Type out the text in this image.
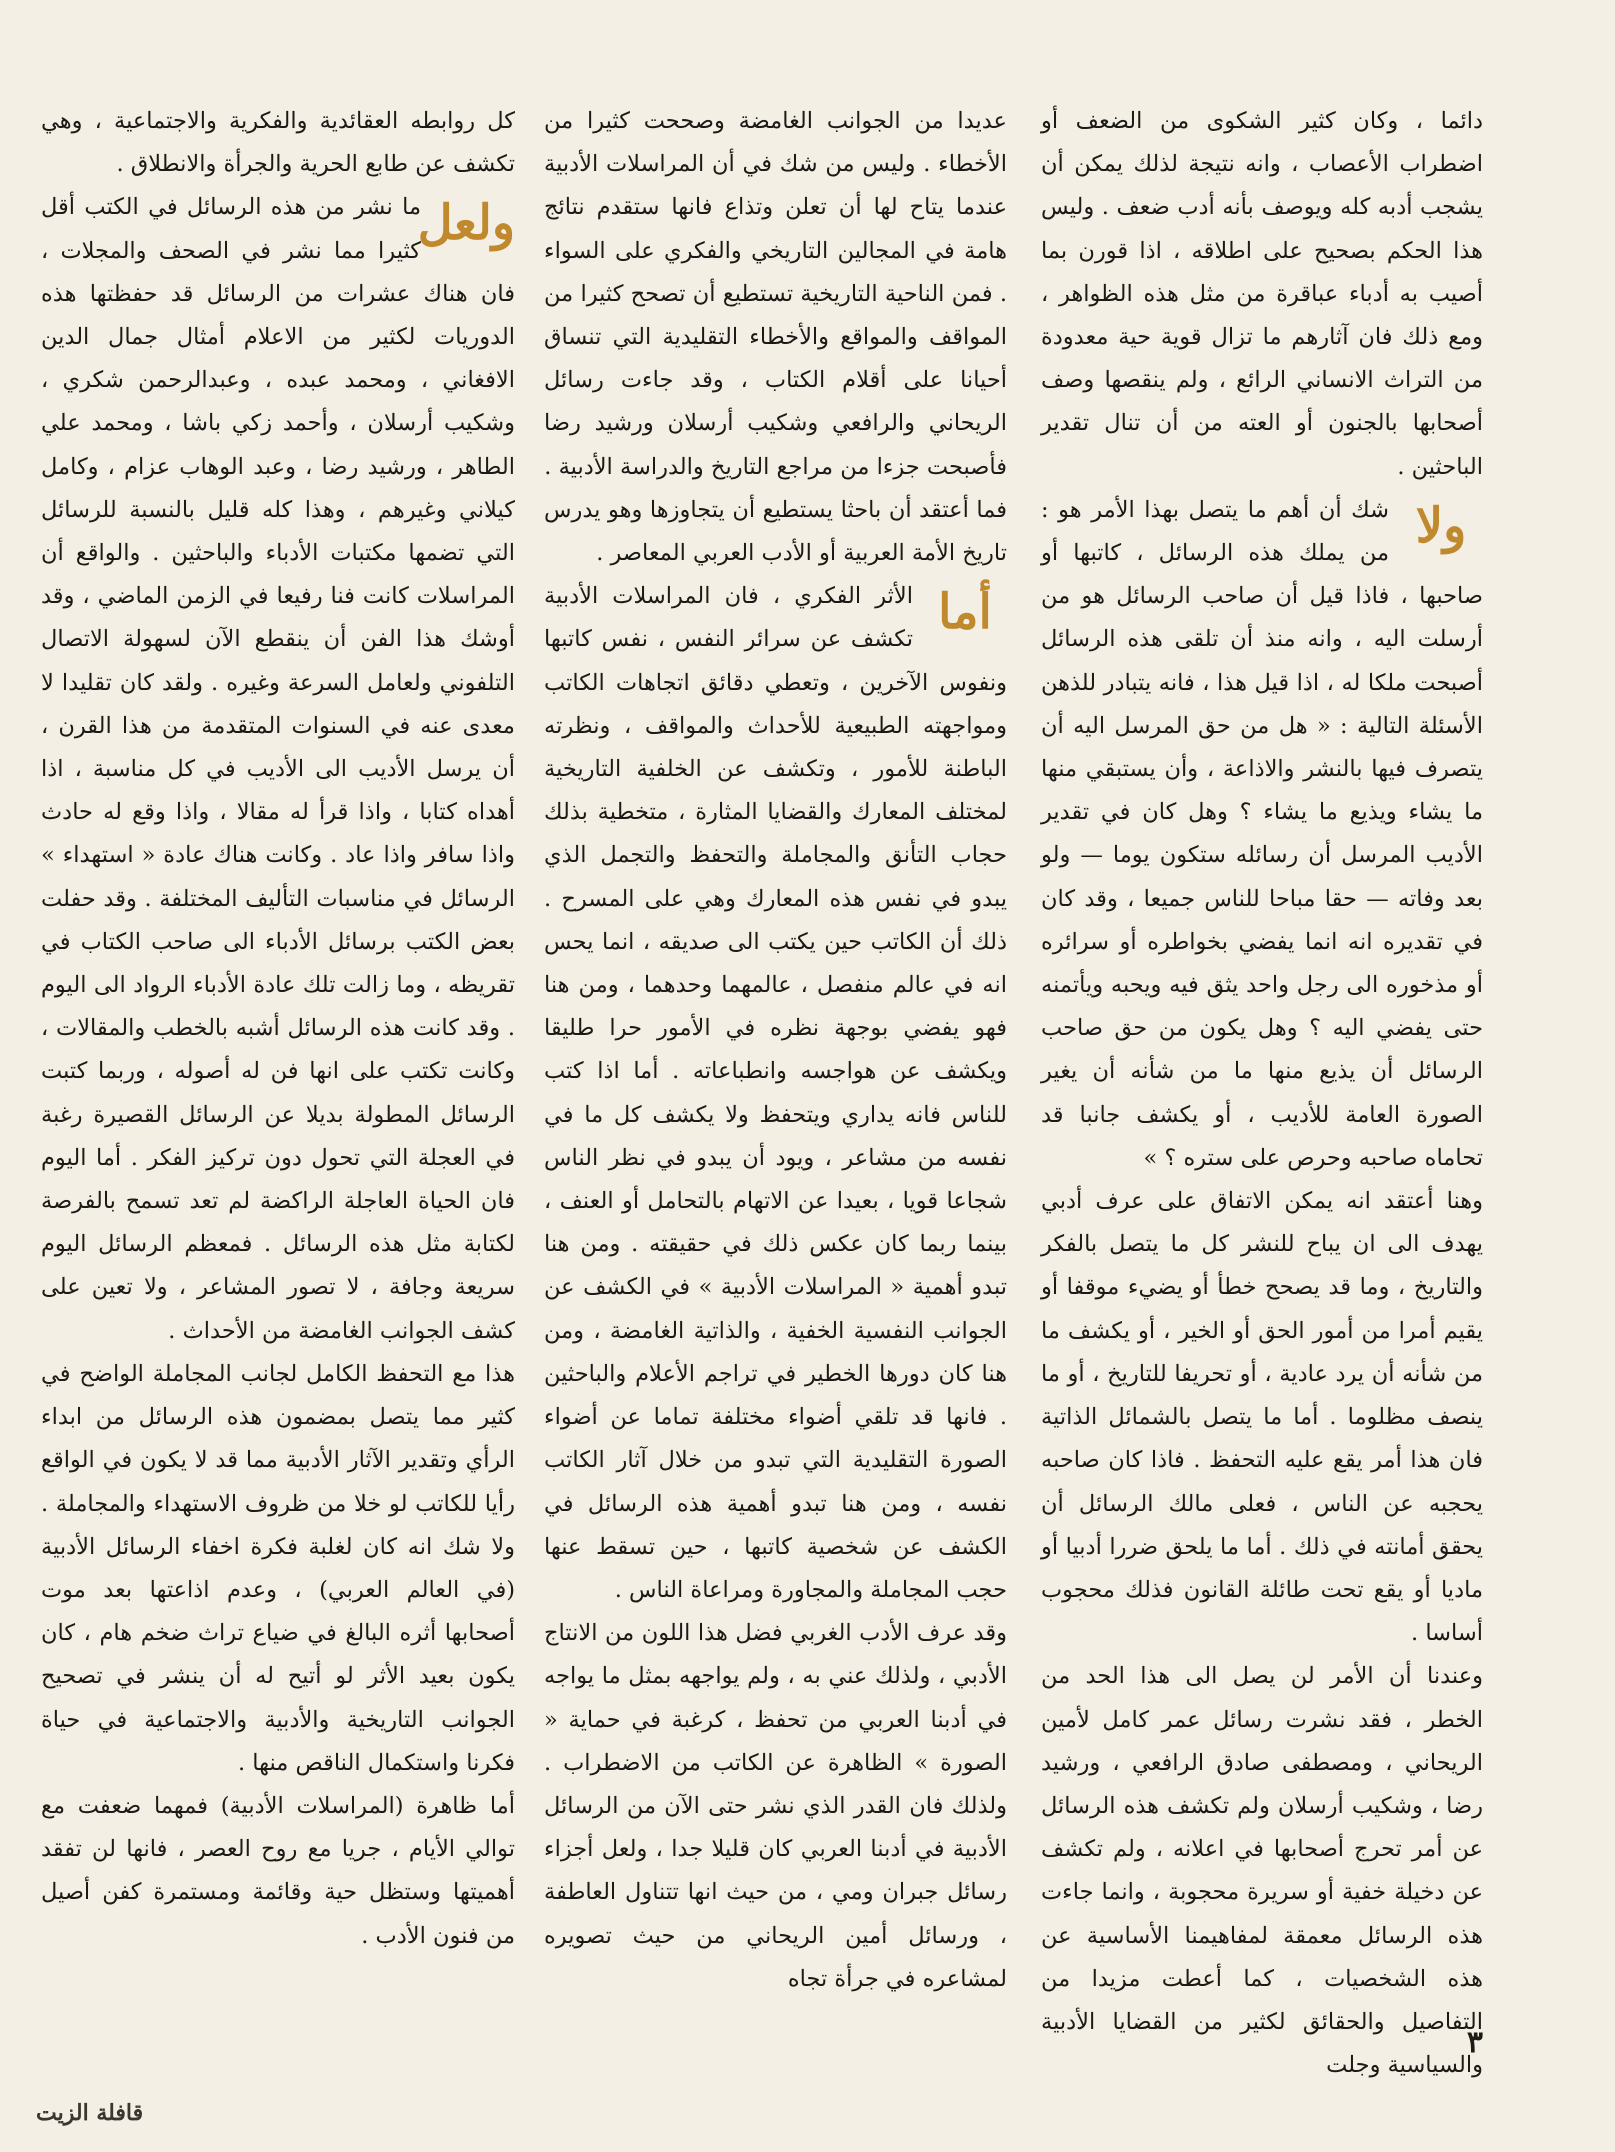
دائما ، وكان كثير الشكوى من الضعف أو اضطراب الأعصاب ، وانه نتيجة لذلك يمكن أن يشجب أدبه كله ويوصف بأنه أدب ضعف . وليس هذا الحكم بصحيح على اطلاقه ، اذا قورن بما أصيب به أدباء عباقرة من مثل هذه الظواهر ، ومع ذلك فان آثارهم ما تزال قوية حية معدودة من التراث الانساني الرائع ، ولم ينقصها وصف أصحابها بالجنون أو العته من أن تنال تقدير الباحثين .

ولا

شك أن أهم ما يتصل بهذا الأمر هو : من يملك هذه الرسائل ، كاتبها أو صاحبها ، فاذا قيل أن صاحب الرسائل هو من أرسلت اليه ، وانه منذ أن تلقى هذه الرسائل أصبحت ملكا له ، اذا قيل هذا ، فانه يتبادر للذهن الأسئلة التالية : « هل من حق المرسل اليه أن يتصرف فيها بالنشر والاذاعة ، وأن يستبقي منها ما يشاء ويذيع ما يشاء ؟ وهل كان في تقدير الأديب المرسل أن رسائله ستكون يوما — ولو بعد وفاته — حقا مباحا للناس جميعا ، وقد كان في تقديره انه انما يفضي بخواطره أو سرائره أو مذخوره الى رجل واحد يثق فيه ويحبه ويأتمنه حتى يفضي اليه ؟ وهل يكون من حق صاحب الرسائل أن يذيع منها ما من شأنه أن يغير الصورة العامة للأديب ، أو يكشف جانبا قد تحاماه صاحبه وحرص على ستره ؟ »

وهنا أعتقد انه يمكن الاتفاق على عرف أدبي يهدف الى ان يباح للنشر كل ما يتصل بالفكر والتاريخ ، وما قد يصحح خطأ أو يضيء موقفا أو يقيم أمرا من أمور الحق أو الخير ، أو يكشف ما من شأنه أن يرد عادية ، أو تحريفا للتاريخ ، أو ما ينصف مظلوما . أما ما يتصل بالشمائل الذاتية فان هذا أمر يقع عليه التحفظ . فاذا كان صاحبه يحجبه عن الناس ، فعلى مالك الرسائل أن يحقق أمانته في ذلك . أما ما يلحق ضررا أدبيا أو ماديا أو يقع تحت طائلة القانون فذلك محجوب أساسا .

وعندنا أن الأمر لن يصل الى هذا الحد من الخطر ، فقد نشرت رسائل عمر كامل لأمين الريحاني ، ومصطفى صادق الرافعي ، ورشيد رضا ، وشكيب أرسلان ولم تكشف هذه الرسائل عن أمر تحرج أصحابها في اعلانه ، ولم تكشف عن دخيلة خفية أو سريرة محجوبة ، وانما جاءت هذه الرسائل معمقة لمفاهيمنا الأساسية عن هذه الشخصيات ، كما أعطت مزيدا من التفاصيل والحقائق لكثير من القضايا الأدبية والسياسية وجلت

عديدا من الجوانب الغامضة وصححت كثيرا من الأخطاء . وليس من شك في أن المراسلات الأدبية عندما يتاح لها أن تعلن وتذاع فانها ستقدم نتائج هامة في المجالين التاريخي والفكري على السواء . فمن الناحية التاريخية تستطيع أن تصحح كثيرا من المواقف والمواقع والأخطاء التقليدية التي تنساق أحيانا على أقلام الكتاب ، وقد جاءت رسائل الريحاني والرافعي وشكيب أرسلان ورشيد رضا فأصبحت جزءا من مراجع التاريخ والدراسة الأدبية .

فما أعتقد أن باحثا يستطيع أن يتجاوزها وهو يدرس تاريخ الأمة العربية أو الأدب العربي المعاصر .

أما

الأثر الفكري ، فان المراسلات الأدبية تكشف عن سرائر النفس ، نفس كاتبها ونفوس الآخرين ، وتعطي دقائق اتجاهات الكاتب ومواجهته الطبيعية للأحداث والمواقف ، ونظرته الباطنة للأمور ، وتكشف عن الخلفية التاريخية لمختلف المعارك والقضايا المثارة ، متخطية بذلك حجاب التأنق والمجاملة والتحفظ والتجمل الذي يبدو في نفس هذه المعارك وهي على المسرح . ذلك أن الكاتب حين يكتب الى صديقه ، انما يحس انه في عالم منفصل ، عالمهما وحدهما ، ومن هنا فهو يفضي بوجهة نظره في الأمور حرا طليقا ويكشف عن هواجسه وانطباعاته . أما اذا كتب للناس فانه يداري ويتحفظ ولا يكشف كل ما في نفسه من مشاعر ، ويود أن يبدو في نظر الناس شجاعا قويا ، بعيدا عن الاتهام بالتحامل أو العنف ، بينما ربما كان عكس ذلك في حقيقته . ومن هنا تبدو أهمية « المراسلات الأدبية » في الكشف عن الجوانب النفسية الخفية ، والذاتية الغامضة ، ومن هنا كان دورها الخطير في تراجم الأعلام والباحثين . فانها قد تلقي أضواء مختلفة تماما عن أضواء الصورة التقليدية التي تبدو من خلال آثار الكاتب نفسه ، ومن هنا تبدو أهمية هذه الرسائل في الكشف عن شخصية كاتبها ، حين تسقط عنها حجب المجاملة والمجاورة ومراعاة الناس .

وقد عرف الأدب الغربي فضل هذا اللون من الانتاج الأدبي ، ولذلك عني به ، ولم يواجهه بمثل ما يواجه في أدبنا العربي من تحفظ ، كرغبة في حماية « الصورة » الظاهرة عن الكاتب من الاضطراب . ولذلك فان القدر الذي نشر حتى الآن من الرسائل الأدبية في أدبنا العربي كان قليلا جدا ، ولعل أجزاء رسائل جبران ومي ، من حيث انها تتناول العاطفة ، ورسائل أمين الريحاني من حيث تصويره لمشاعره في جرأة تجاه

كل روابطه العقائدية والفكرية والاجتماعية ، وهي تكشف عن طابع الحرية والجرأة والانطلاق .

ولعل

ما نشر من هذه الرسائل في الكتب أقل كثيرا مما نشر في الصحف والمجلات ، فان هناك عشرات من الرسائل قد حفظتها هذه الدوريات لكثير من الاعلام أمثال جمال الدين الافغاني ، ومحمد عبده ، وعبدالرحمن شكري ، وشكيب أرسلان ، وأحمد زكي باشا ، ومحمد علي الطاهر ، ورشيد رضا ، وعبد الوهاب عزام ، وكامل كيلاني وغيرهم ، وهذا كله قليل بالنسبة للرسائل التي تضمها مكتبات الأدباء والباحثين . والواقع أن المراسلات كانت فنا رفيعا في الزمن الماضي ، وقد أوشك هذا الفن أن ينقطع الآن لسهولة الاتصال التلفوني ولعامل السرعة وغيره . ولقد كان تقليدا لا معدى عنه في السنوات المتقدمة من هذا القرن ، أن يرسل الأديب الى الأديب في كل مناسبة ، اذا أهداه كتابا ، واذا قرأ له مقالا ، واذا وقع له حادث واذا سافر واذا عاد . وكانت هناك عادة « استهداء » الرسائل في مناسبات التأليف المختلفة . وقد حفلت بعض الكتب برسائل الأدباء الى صاحب الكتاب في تقريظه ، وما زالت تلك عادة الأدباء الرواد الى اليوم . وقد كانت هذه الرسائل أشبه بالخطب والمقالات ، وكانت تكتب على انها فن له أصوله ، وربما كتبت الرسائل المطولة بديلا عن الرسائل القصيرة رغبة في العجلة التي تحول دون تركيز الفكر . أما اليوم فان الحياة العاجلة الراكضة لم تعد تسمح بالفرصة لكتابة مثل هذه الرسائل . فمعظم الرسائل اليوم سريعة وجافة ، لا تصور المشاعر ، ولا تعين على كشف الجوانب الغامضة من الأحداث .

هذا مع التحفظ الكامل لجانب المجاملة الواضح في كثير مما يتصل بمضمون هذه الرسائل من ابداء الرأي وتقدير الآثار الأدبية مما قد لا يكون في الواقع رأيا للكاتب لو خلا من ظروف الاستهداء والمجاملة . ولا شك انه كان لغلبة فكرة اخفاء الرسائل الأدبية (في العالم العربي) ، وعدم اذاعتها بعد موت أصحابها أثره البالغ في ضياع تراث ضخم هام ، كان يكون بعيد الأثر لو أتيح له أن ينشر في تصحيح الجوانب التاريخية والأدبية والاجتماعية في حياة فكرنا واستكمال الناقص منها .

أما ظاهرة (المراسلات الأدبية) فمهما ضعفت مع توالي الأيام ، جريا مع روح العصر ، فانها لن تفقد أهميتها وستظل حية وقائمة ومستمرة كفن أصيل من فنون الأدب .

٣
قافلة الزيت
